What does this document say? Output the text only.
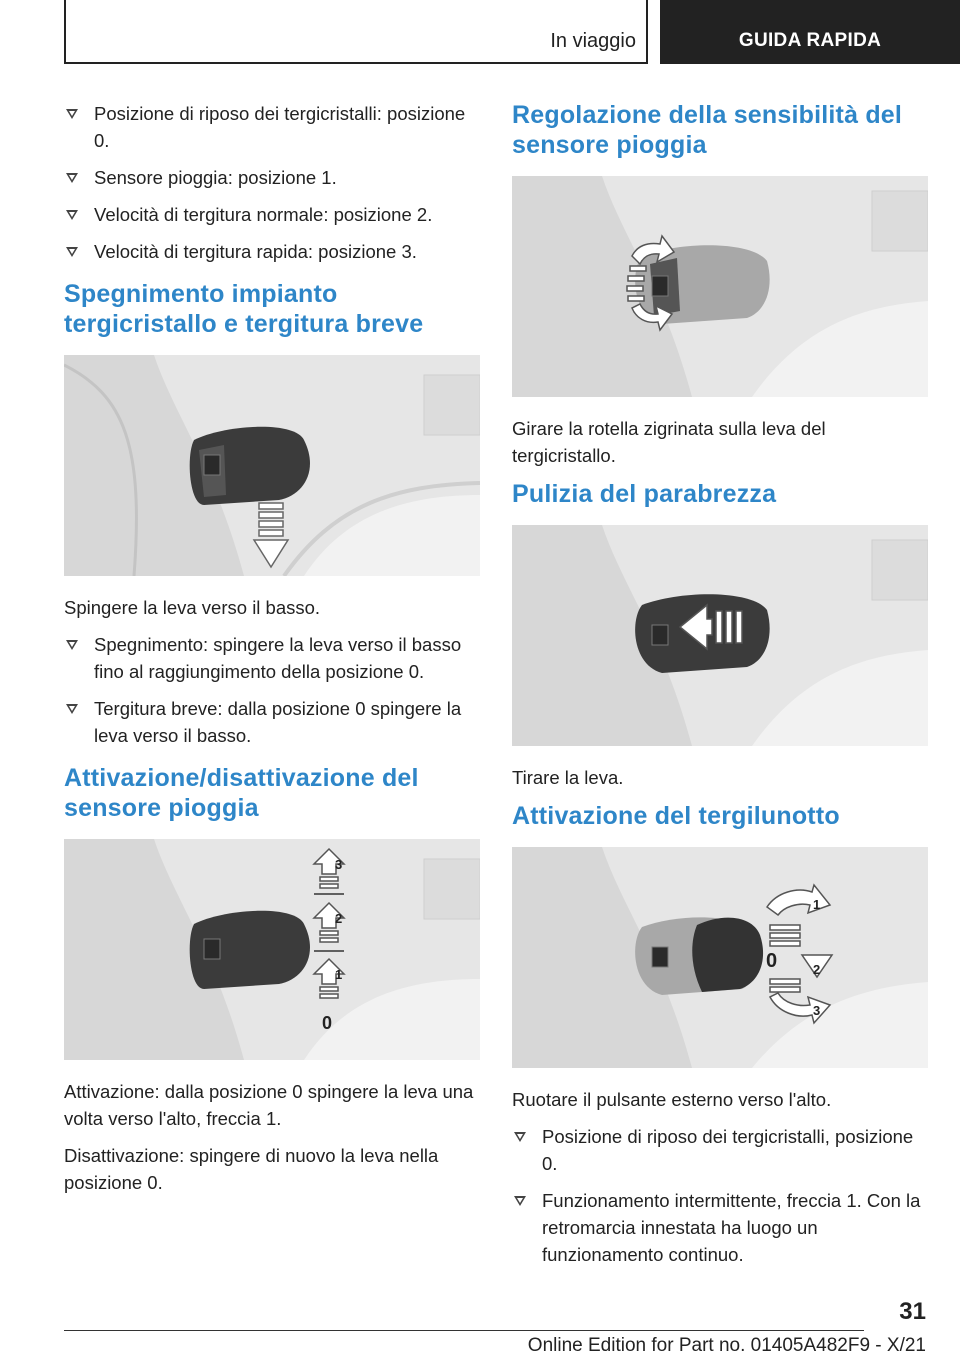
In viaggio	GUIDA RAPIDA
Posizione di riposo dei tergicristalli: posizione 0.
Sensore pioggia: posizione 1.
Velocità di tergitura normale: posizione 2.
Velocità di tergitura rapida: posizione 3.
Spegnimento impianto tergicristallo e tergitura breve

Spingere la leva verso il basso.

Spegnimento: spingere la leva verso il basso fino al raggiungimento della posizione 0.
Tergitura breve: dalla posizione 0 spingere la leva verso il basso.
Attivazione/disattivazione del sensore pioggia
3
2
1
0

Attivazione: dalla posizione 0 spingere la leva una volta verso l'alto, freccia 1.

Disattivazione: spingere di nuovo la leva nella posizione 0.

Regolazione della sensibilità del sensore pioggia

Girare la rotella zigrinata sulla leva del tergicristallo.

Pulizia del parabrezza

Tirare la leva.

Attivazione del tergilunotto
1
0	2
3

Ruotare il pulsante esterno verso l'alto.

Posizione di riposo dei tergicristalli, posizione 0.
Funzionamento intermittente, freccia 1. Con la retromarcia innestata ha luogo un funzionamento continuo.
31
Online Edition for Part no. 01405A482F9 - X/21
